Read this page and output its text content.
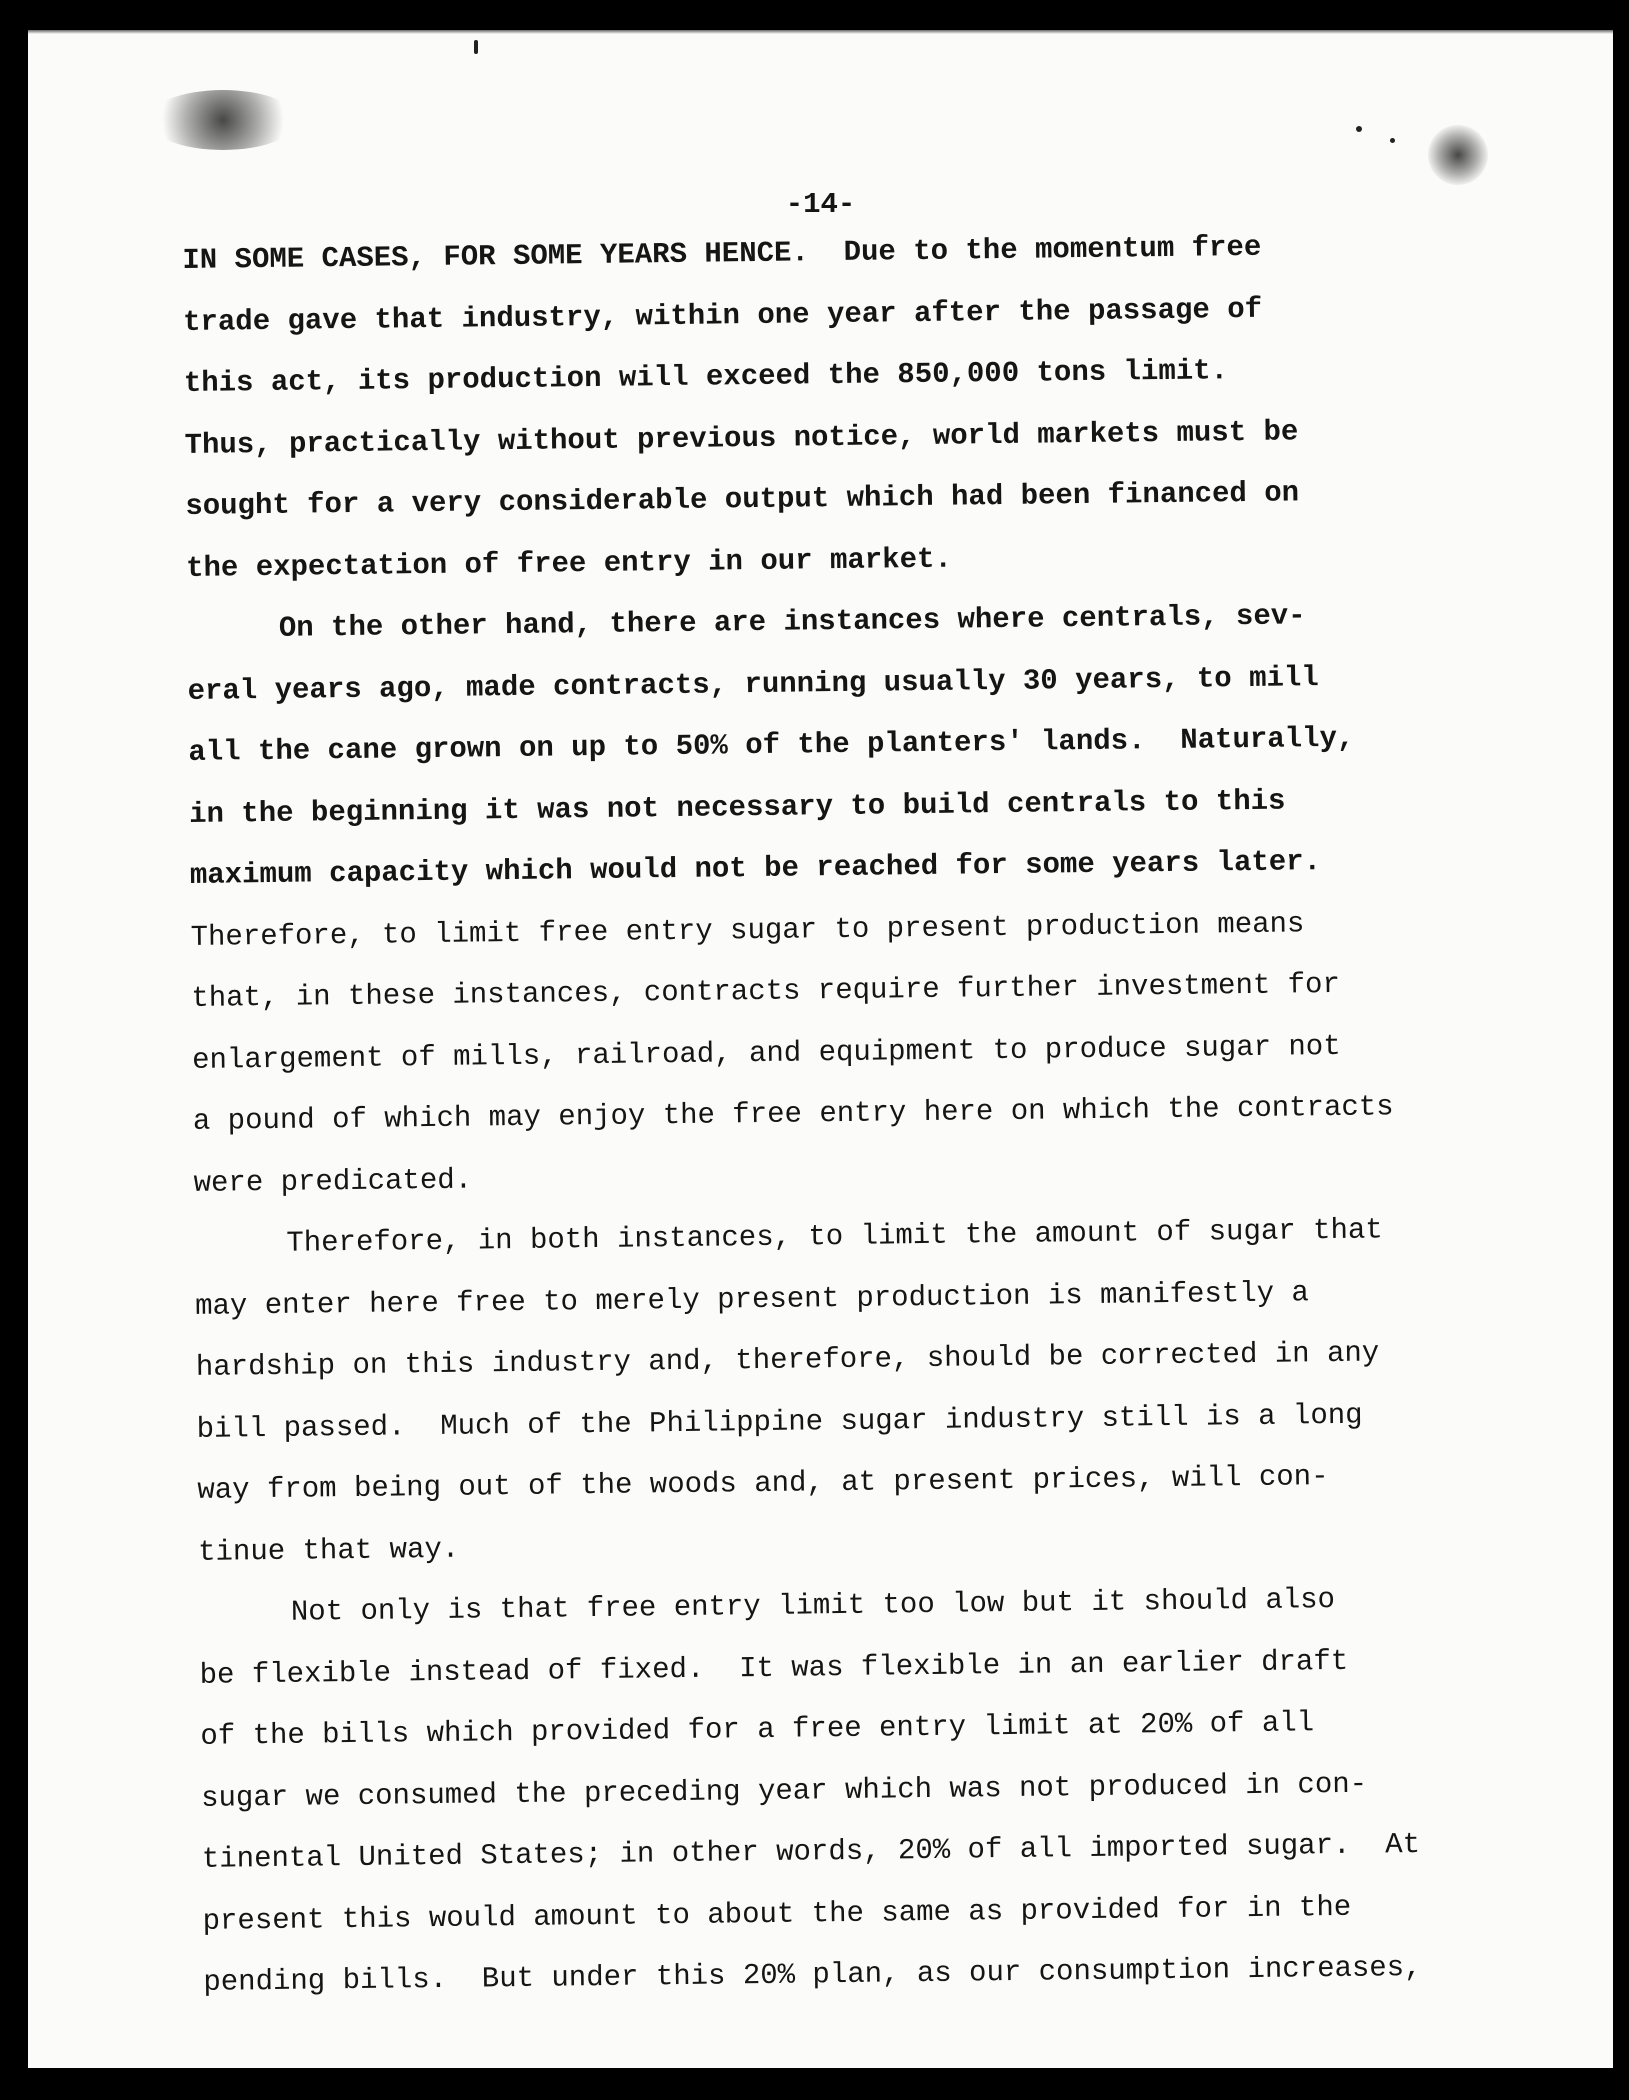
-14-
IN SOME CASES, FOR SOME YEARS HENCE.  Due to the momentum free
trade gave that industry, within one year after the passage of
this act, its production will exceed the 850,000 tons limit.
Thus, practically without previous notice, world markets must be
sought for a very considerable output which had been financed on
the expectation of free entry in our market.
On the other hand, there are instances where centrals, sev-
eral years ago, made contracts, running usually 30 years, to mill
all the cane grown on up to 50% of the planters' lands.  Naturally,
in the beginning it was not necessary to build centrals to this
maximum capacity which would not be reached for some years later.
Therefore, to limit free entry sugar to present production means
that, in these instances, contracts require further investment for
enlargement of mills, railroad, and equipment to produce sugar not
a pound of which may enjoy the free entry here on which the contracts
were predicated.
Therefore, in both instances, to limit the amount of sugar that
may enter here free to merely present production is manifestly a
hardship on this industry and, therefore, should be corrected in any
bill passed.  Much of the Philippine sugar industry still is a long
way from being out of the woods and, at present prices, will con-
tinue that way.
Not only is that free entry limit too low but it should also
be flexible instead of fixed.  It was flexible in an earlier draft
of the bills which provided for a free entry limit at 20% of all
sugar we consumed the preceding year which was not produced in con-
tinental United States; in other words, 20% of all imported sugar.  At
present this would amount to about the same as provided for in the
pending bills.  But under this 20% plan, as our consumption increases,
